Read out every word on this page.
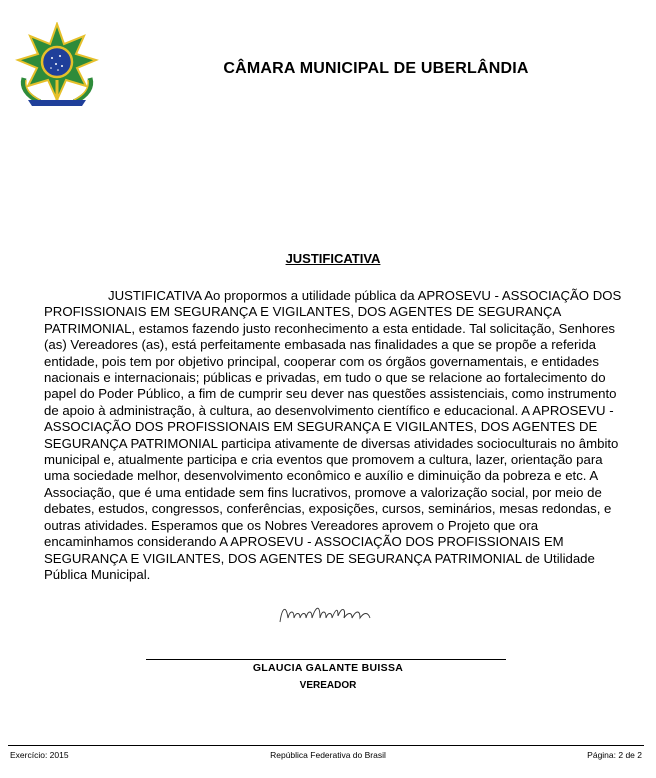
CÂMARA MUNICIPAL DE UBERLÂNDIA
JUSTIFICATIVA

JUSTIFICATIVA Ao propormos a utilidade pública da APROSEVU - ASSOCIAÇÃO DOS PROFISSIONAIS EM SEGURANÇA E VIGILANTES, DOS AGENTES DE SEGURANÇA PATRIMONIAL, estamos fazendo justo reconhecimento a esta entidade. Tal solicitação, Senhores (as) Vereadores (as), está perfeitamente embasada nas finalidades a que se propõe a referida entidade, pois tem por objetivo principal, cooperar com os órgãos governamentais, e entidades nacionais e internacionais; públicas e privadas, em tudo o que se relacione ao fortalecimento do papel do Poder Público, a fim de cumprir seu dever nas questões assistenciais, como instrumento de apoio à administração, à cultura, ao desenvolvimento científico e educacional. A APROSEVU - ASSOCIAÇÃO DOS PROFISSIONAIS EM SEGURANÇA E VIGILANTES, DOS AGENTES DE SEGURANÇA PATRIMONIAL participa ativamente de diversas atividades socioculturais no âmbito municipal e, atualmente participa e cria eventos que promovem a cultura, lazer, orientação para uma sociedade melhor, desenvolvimento econômico e auxílio e diminuição da pobreza e etc. A Associação, que é uma entidade sem fins lucrativos, promove a valorização social, por meio de debates, estudos, congressos, conferências, exposições, cursos, seminários, mesas redondas, e outras atividades. Esperamos que os Nobres Vereadores aprovem o Projeto que ora encaminhamos considerando A APROSEVU - ASSOCIAÇÃO DOS PROFISSIONAIS EM SEGURANÇA E VIGILANTES, DOS AGENTES DE SEGURANÇA PATRIMONIAL de Utilidade Pública Municipal.

GLAUCIA GALANTE BUISSA
VEREADOR
Exercício: 2015	República Federativa do Brasil	Página: 2 de 2
